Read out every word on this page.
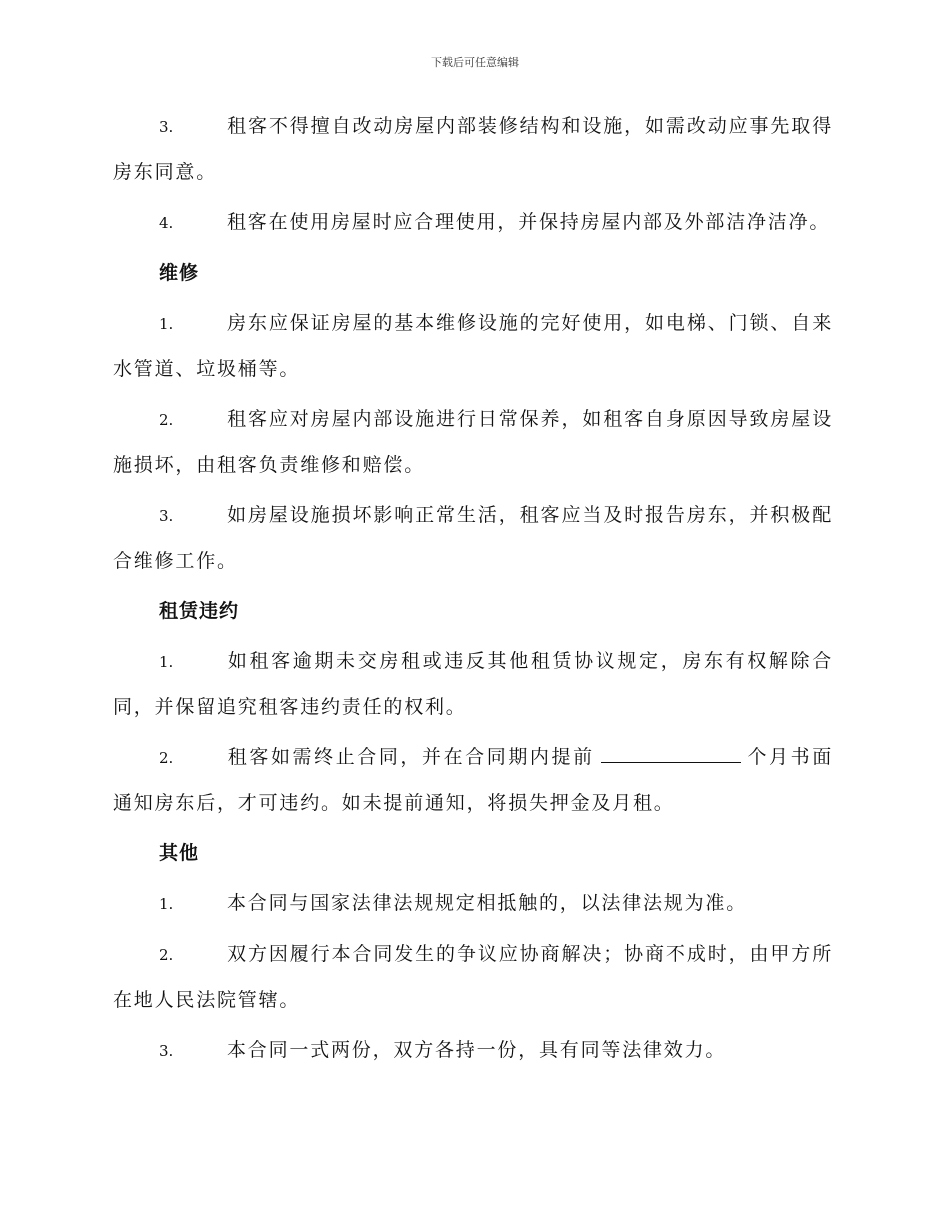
下载后可任意编辑

3.	租客不得擅自改动房屋内部装修结构和设施，如需改动应事先取得房东同意。

4.	租客在使用房屋时应合理使用，并保持房屋内部及外部洁净洁净。

维修

1.	房东应保证房屋的基本维修设施的完好使用，如电梯、门锁、自来水管道、垃圾桶等。

2.	租客应对房屋内部设施进行日常保养，如租客自身原因导致房屋设施损坏，由租客负责维修和赔偿。

3.	如房屋设施损坏影响正常生活，租客应当及时报告房东，并积极配合维修工作。

租赁违约

1.	如租客逾期未交房租或违反其他租赁协议规定，房东有权解除合同，并保留追究租客违约责任的权利。

2.	租客如需终止合同，并在合同期内提前	个月书面通知房东后，才可违约。如未提前通知，将损失押金及月租。

其他

1.	本合同与国家法律法规规定相抵触的，以法律法规为准。

2.	双方因履行本合同发生的争议应协商解决；协商不成时，由甲方所在地人民法院管辖。

3.	本合同一式两份，双方各持一份，具有同等法律效力。
